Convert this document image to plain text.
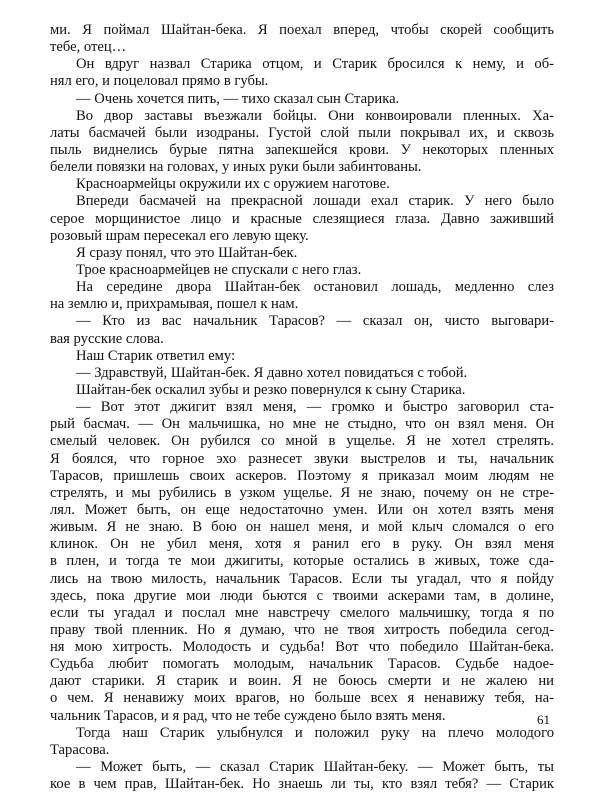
ми. Я поймал Шайтан-бека. Я поехал вперед, чтобы скорей сообщить
тебе, отец…
Он вдруг назвал Старика отцом, и Старик бросился к нему, и об-
нял его, и поцеловал прямо в губы.
— Очень хочется пить, — тихо сказал сын Старика.
Во двор заставы въезжали бойцы. Они конвоировали пленных. Ха-
латы басмачей были изодраны. Густой слой пыли покрывал их, и сквозь
пыль виднелись бурые пятна запекшейся крови. У некоторых пленных
белели повязки на головах, у иных руки были забинтованы.
Красноармейцы окружили их с оружием наготове.
Впереди басмачей на прекрасной лошади ехал старик. У него было
серое морщинистое лицо и красные слезящиеся глаза. Давно заживший
розовый шрам пересекал его левую щеку.
Я сразу понял, что это Шайтан-бек.
Трое красноармейцев не спускали с него глаз.
На середине двора Шайтан-бек остановил лошадь, медленно слез
на землю и, прихрамывая, пошел к нам.
— Кто из вас начальник Тарасов? — сказал он, чисто выговари-
вая русские слова.
Наш Старик ответил ему:
— Здравствуй, Шайтан-бек. Я давно хотел повидаться с тобой.
Шайтан-бек оскалил зубы и резко повернулся к сыну Старика.
— Вот этот джигит взял меня, — громко и быстро заговорил ста-
рый басмач. — Он мальчишка, но мне не стыдно, что он взял меня. Он
смелый человек. Он рубился со мной в ущелье. Я не хотел стрелять.
Я боялся, что горное эхо разнесет звуки выстрелов и ты, начальник
Тарасов, пришлешь своих аскеров. Поэтому я приказал моим людям не
стрелять, и мы рубились в узком ущелье. Я не знаю, почему он не стре-
лял. Может быть, он еще недостаточно умен. Или он хотел взять меня
живым. Я не знаю. В бою он нашел меня, и мой клыч сломался о его
клинок. Он не убил меня, хотя я ранил его в руку. Он взял меня
в плен, и тогда те мои джигиты, которые остались в живых, тоже сда-
лись на твою милость, начальник Тарасов. Если ты угадал, что я пойду
здесь, пока другие мои люди бьются с твоими аскерами там, в долине,
если ты угадал и послал мне навстречу смелого мальчишку, тогда я по
праву твой пленник. Но я думаю, что не твоя хитрость победила сегод-
ня мою хитрость. Молодость и судьба! Вот что победило Шайтан-бека.
Судьба любит помогать молодым, начальник Тарасов. Судьбе надое-
дают старики. Я старик и воин. Я не боюсь смерти и не жалею ни
о чем. Я ненавижу моих врагов, но больше всех я ненавижу тебя, на-
чальник Тарасов, и я рад, что не тебе суждено было взять меня.
Тогда наш Старик улыбнулся и положил руку на плечо молодого
Тарасова.
— Может быть, — сказал Старик Шайтан-беку. — Может быть, ты
кое в чем прав, Шайтан-бек. Но знаешь ли ты, кто взял тебя? — Старик
61
